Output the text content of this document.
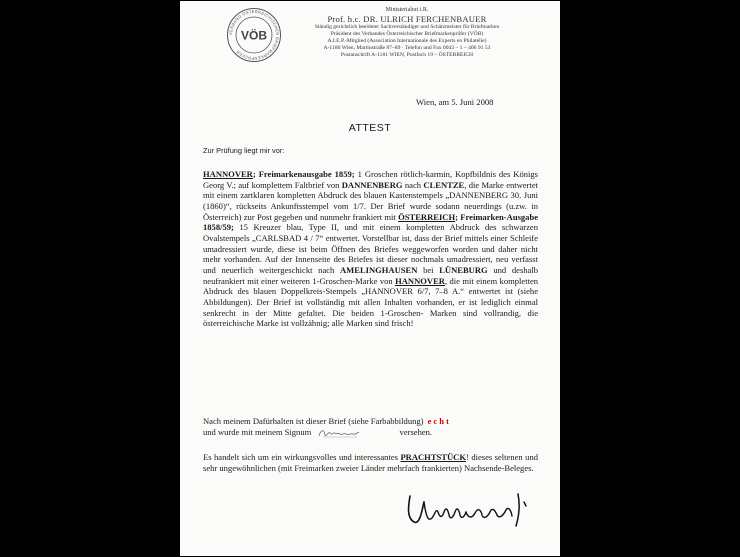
VERBAND ÖSTERREICHISCHER BRIEFMARKENPRÜFER
VÖB
Ministerialrat i.R.
Prof. h.c. DR. ULRICH FERCHENBAUER
Ständig gerichtlich beeideter Sachverständiger und Schätzmeister für Briefmarken
Präsident des Verbandes Österreichischer Briefmarkenprüfer (VÖB)
A.I.E.P.-Mitglied (Association Internationale des Experts en Philatélie)
A-1180 Wien, Martinstraße 87–89 · Telefon und Fax 0043 – 1 – 406 91 53
Postanschrift A-1181 WIEN, Postfach 19 – ÖSTERREICH
Wien, am 5. Juni 2008
ATTEST
Zur Prüfung liegt mir vor:

HANNOVER; Freimarkenausgabe 1859; 1 Groschen rötlich-karmin, Kopfbildnis des Königs Georg V.; auf komplettem Faltbrief von DANNENBERG nach CLENTZE, die Marke entwertet mit einem zartklaren kompletten Abdruck des blauen Kastenstempels „DANNENBERG 30. Juni (1860)“, rückseits Ankunftsstempel vom 1/7. Der Brief wurde sodann neuerdings (u.zw. in Österreich) zur Post gegeben und nunmehr frankiert mit ÖSTERREICH; Freimarken-Ausgabe 1858/59; 15 Kreuzer blau, Type II, und mit einem kompletten Abdruck des schwarzen Ovalstempels „CARLSBAD 4 / 7“ entwertet. Vorstellbar ist, dass der Brief mittels einer Schleife umadressiert wurde, diese ist beim Öffnen des Briefes weggeworfen worden und daher nicht mehr vorhanden. Auf der Innenseite des Briefes ist dieser nochmals umadressiert, neu verfasst und neuerlich weitergeschickt nach AMELINGHAUSEN bei LÜNEBURG und deshalb neufrankiert mit einer weiteren 1-Groschen-Marke von HANNOVER, die mit einem kompletten Abdruck des blauen Doppelkreis-Stempels „HANNOVER 6/7, 7–8 A.“ entwertet ist (siehe Abbildungen). Der Brief ist vollständig mit allen Inhalten vorhanden, er ist lediglich einmal senkrecht in der Mitte gefaltet. Die beiden 1-Groschen- Marken sind vollrandig, die österreichische Marke ist vollzähnig; alle Marken sind frisch!

Nach meinem Dafürhalten ist dieser Brief (siehe Farbabbildung) echt
und wurde mit meinem Signum	versehen.
Es handelt sich um ein wirkungsvolles und interessantes PRACHTSTÜCK! dieses seltenen und sehr ungewöhnlichen (mit Freimarken zweier Länder mehrfach frankierten) Nachsende-Beleges.
